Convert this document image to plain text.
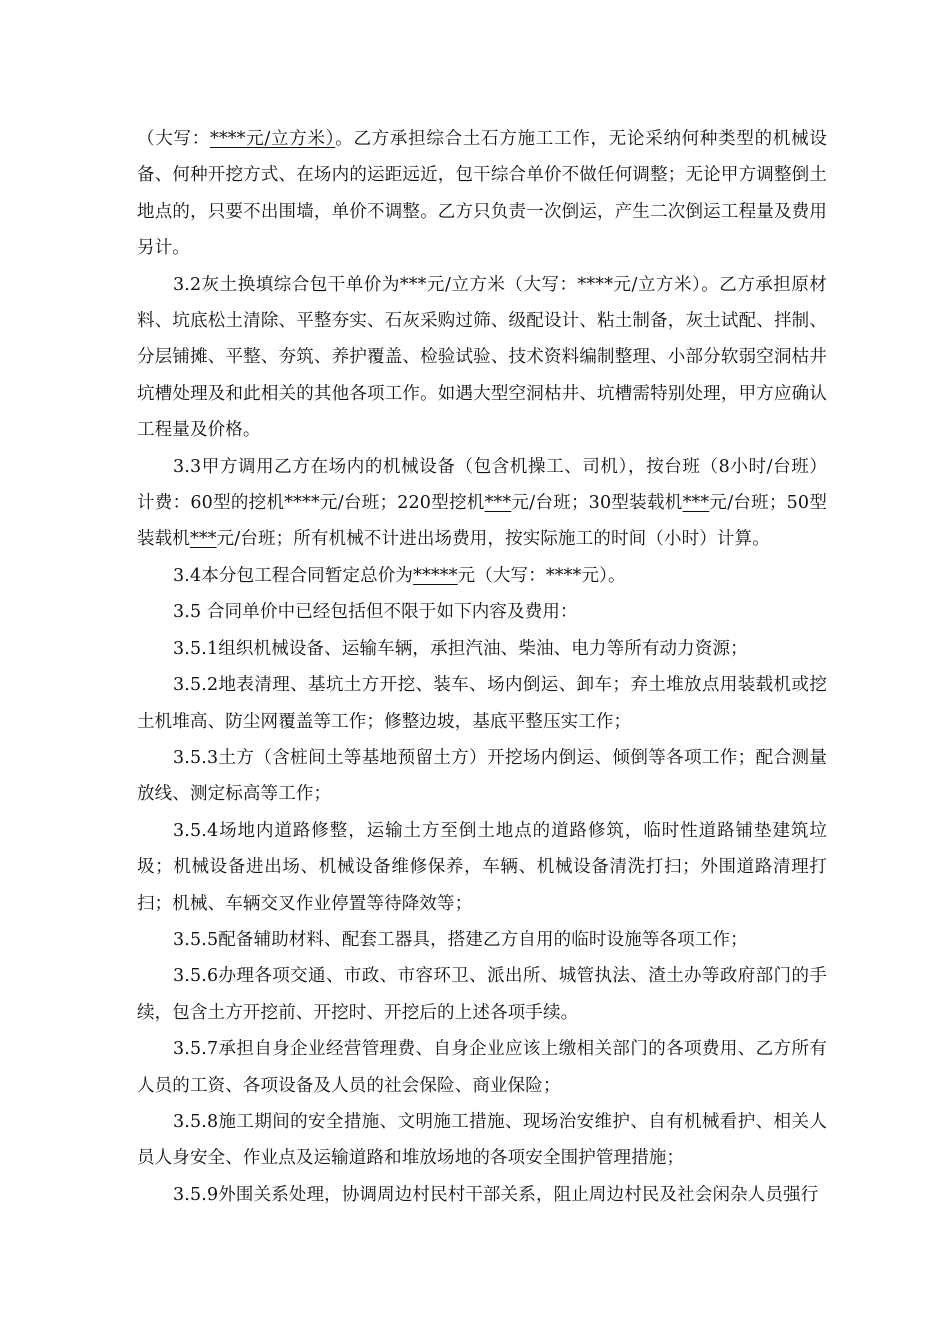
（大写：****元/立方米）。乙方承担综合土石方施工工作，无论采纳何种类型的机械设备、何种开挖方式、在场内的运距远近，包干综合单价不做任何调整；无论甲方调整倒土地点的，只要不出围墙，单价不调整。乙方只负责一次倒运，产生二次倒运工程量及费用另计。

3.2灰土换填综合包干单价为***元/立方米（大写：****元/立方米）。乙方承担原材料、坑底松土清除、平整夯实、石灰采购过筛、级配设计、粘土制备，灰土试配、拌制、分层铺摊、平整、夯筑、养护覆盖、检验试验、技术资料编制整理、小部分软弱空洞枯井坑槽处理及和此相关的其他各项工作。如遇大型空洞枯井、坑槽需特别处理，甲方应确认工程量及价格。

3.3甲方调用乙方在场内的机械设备（包含机操工、司机），按台班（8小时/台班）计费：60型的挖机****元/台班；220型挖机***元/台班；30型装载机***元/台班；50型装载机***元/台班；所有机械不计进出场费用，按实际施工的时间（小时）计算。

3.4本分包工程合同暂定总价为*****元（大写：****元）。

3.5 合同单价中已经包括但不限于如下内容及费用：

3.5.1组织机械设备、运输车辆，承担汽油、柴油、电力等所有动力资源；

3.5.2地表清理、基坑土方开挖、装车、场内倒运、卸车；弃土堆放点用装载机或挖土机堆高、防尘网覆盖等工作；修整边坡，基底平整压实工作；

3.5.3土方（含桩间土等基地预留土方）开挖场内倒运、倾倒等各项工作；配合测量放线、测定标高等工作；

3.5.4场地内道路修整，运输土方至倒土地点的道路修筑，临时性道路铺垫建筑垃圾；机械设备进出场、机械设备维修保养，车辆、机械设备清洗打扫；外围道路清理打扫；机械、车辆交叉作业停置等待降效等；

3.5.5配备辅助材料、配套工器具，搭建乙方自用的临时设施等各项工作；

3.5.6办理各项交通、市政、市容环卫、派出所、城管执法、渣土办等政府部门的手续，包含土方开挖前、开挖时、开挖后的上述各项手续。

3.5.7承担自身企业经营管理费、自身企业应该上缴相关部门的各项费用、乙方所有人员的工资、各项设备及人员的社会保险、商业保险；

3.5.8施工期间的安全措施、文明施工措施、现场治安维护、自有机械看护、相关人员人身安全、作业点及运输道路和堆放场地的各项安全围护管理措施；

3.5.9外围关系处理，协调周边村民村干部关系，阻止周边村民及社会闲杂人员强行
